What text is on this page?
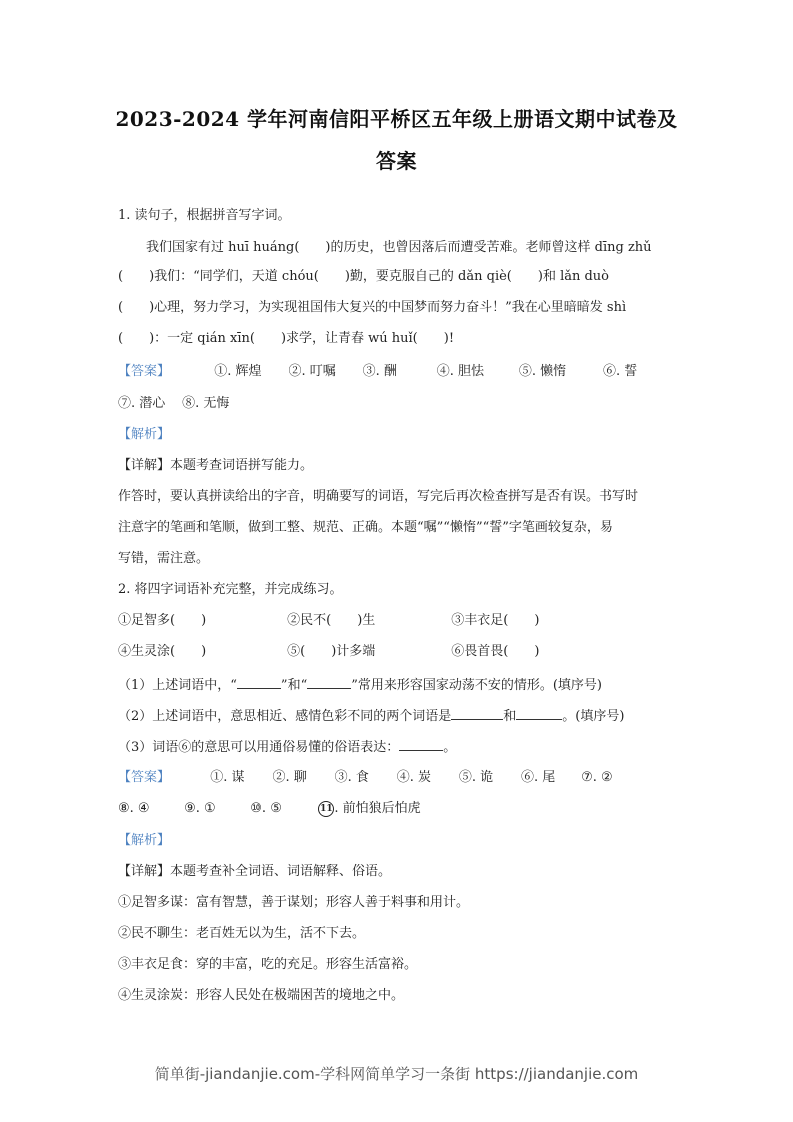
2023-2024 学年河南信阳平桥区五年级上册语文期中试卷及
答案
1. 读句子，根据拼音写字词。
我们国家有过 huī huáng(　　)的历史，也曾因落后而遭受苦难。老师曾这样 dīng zhǔ
(　　)我们：“同学们，天道 chóu(　　)勤，要克服自己的 dǎn qiè(　　)和 lǎn duò
(　　)心理，努力学习，为实现祖国伟大复兴的中国梦而努力奋斗！”我在心里暗暗发 shì
(　　)：一定 qián xīn(　　)求学，让青春 wú huǐ(　　)!
【答案】	①. 辉煌 ②. 叮嘱 ③. 酬	④. 胆怯	⑤. 懒惰	⑥. 誓
⑦. 潜心 ⑧. 无悔
【解析】
【详解】本题考查词语拼写能力。
作答时，要认真拼读给出的字音，明确要写的词语，写完后再次检查拼写是否有误。书写时
注意字的笔画和笔顺，做到工整、规范、正确。本题“嘱”“懒惰”“誓”字笔画较复杂，易
写错，需注意。
2. 将四字词语补充完整，并完成练习。
①足智多(　　)	②民不(　　)生	③丰衣足(　　)
④生灵涂(　　)	⑤(　　)计多端	⑥畏首畏(　　)
（1）上述词语中，“	”和“	”常用来形容国家动荡不安的情形。(填序号)
（2）上述词语中，意思相近、感情色彩不同的两个词语是	和	。(填序号)
（3）词语⑥的意思可以用通俗易懂的俗语表达：	。
【答案】	①. 谋 ②. 聊 ③. 食 ④. 炭 ⑤. 诡 ⑥. 尾 ⑦. ②
⑧. ④	⑨. ①	⑩. ⑤	11 . 前怕狼后怕虎
【解析】
【详解】本题考查补全词语、词语解释、俗语。
①足智多谋：富有智慧，善于谋划；形容人善于料事和用计。
②民不聊生：老百姓无以为生，活不下去。
③丰衣足食：穿的丰富，吃的充足。形容生活富裕。
④生灵涂炭：形容人民处在极端困苦的境地之中。
简单街-jiandanjie.com-学科网简单学习一条街 https://jiandanjie.com
